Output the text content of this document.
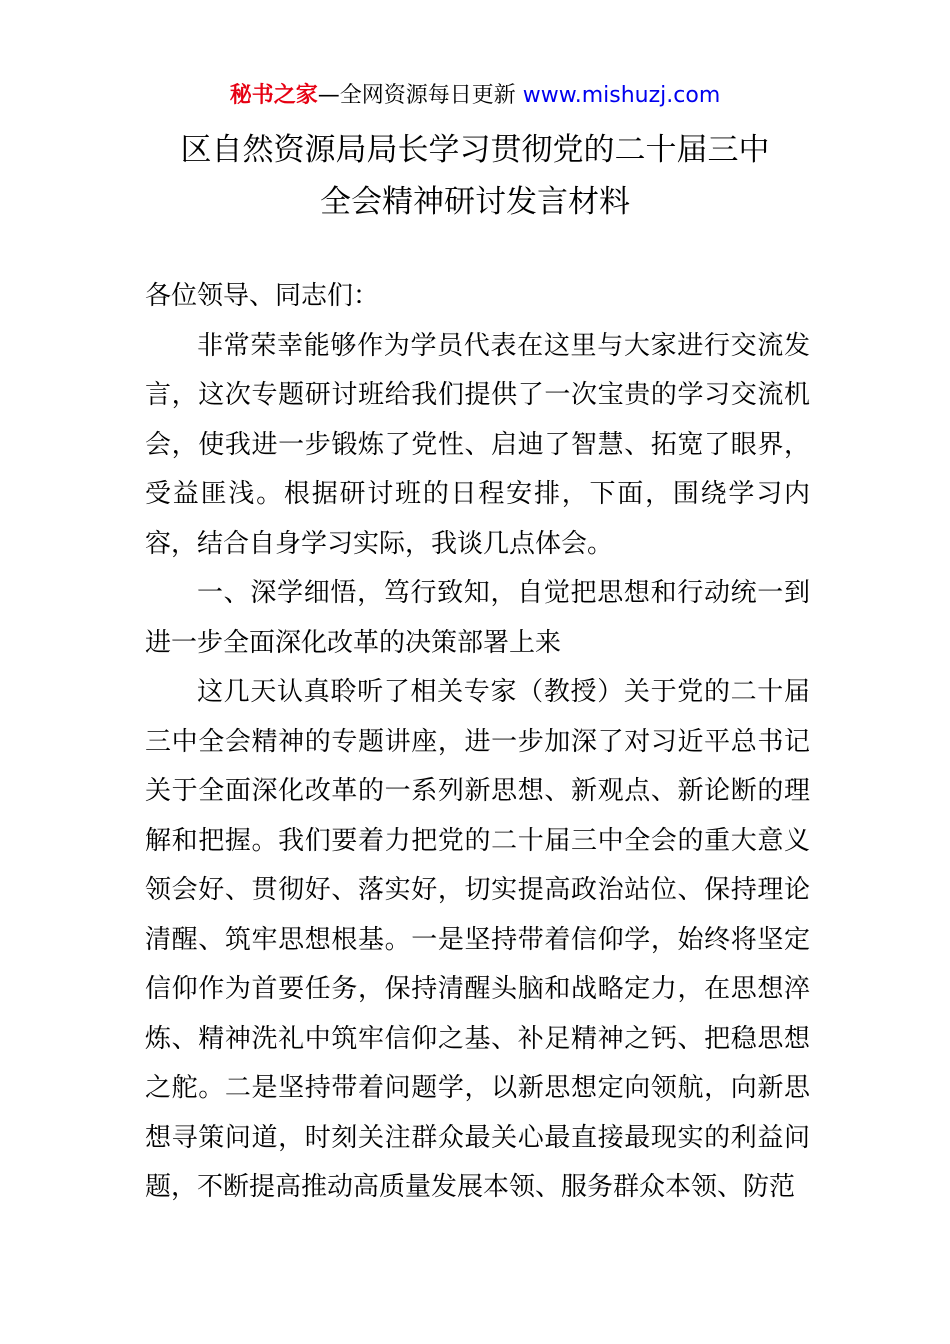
秘书之家—全网资源每日更新 www.mishuzj.com
区自然资源局局长学习贯彻党的二十届三中
全会精神研讨发言材料

各位领导、同志们：

非常荣幸能够作为学员代表在这里与大家进行交流发言，这次专题研讨班给我们提供了一次宝贵的学习交流机会，使我进一步锻炼了党性、启迪了智慧、拓宽了眼界，受益匪浅。根据研讨班的日程安排，下面，围绕学习内容，结合自身学习实际，我谈几点体会。

一、深学细悟，笃行致知，自觉把思想和行动统一到进一步全面深化改革的决策部署上来

这几天认真聆听了相关专家（教授）关于党的二十届三中全会精神的专题讲座，进一步加深了对习近平总书记关于全面深化改革的一系列新思想、新观点、新论断的理解和把握。我们要着力把党的二十届三中全会的重大意义领会好、贯彻好、落实好，切实提高政治站位、保持理论清醒、筑牢思想根基。一是坚持带着信仰学，始终将坚定信仰作为首要任务，保持清醒头脑和战略定力，在思想淬炼、精神洗礼中筑牢信仰之基、补足精神之钙、把稳思想之舵。二是坚持带着问题学，以新思想定向领航，向新思想寻策问道，时刻关注群众最关心最直接最现实的利益问题，不断提高推动高质量发展本领、服务群众本领、防范
